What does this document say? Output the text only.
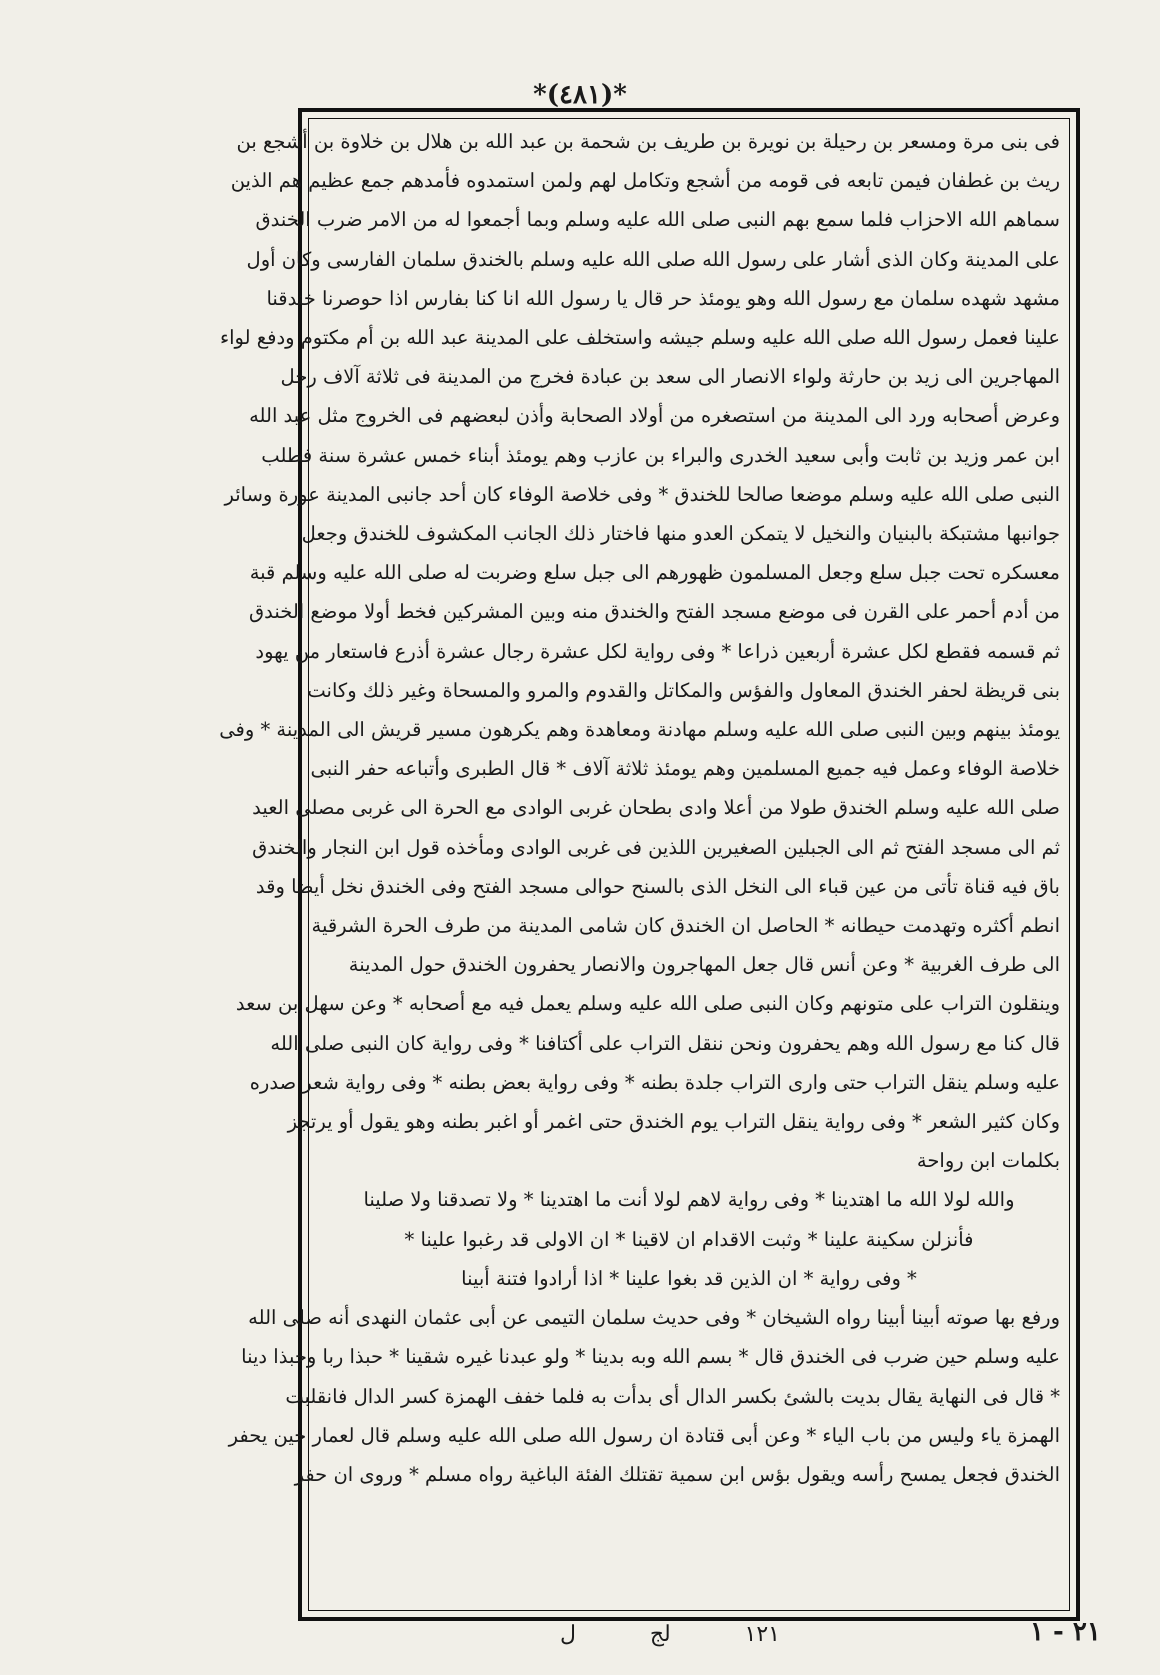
*(٤٨١)*
فى بنى مرة ومسعر بن رحيلة بن نويرة بن طريف بن شحمة بن عبد الله بن هلال بن خلاوة بن أشجع بن
ريث بن غطفان فيمن تابعه فى قومه من أشجع وتكامل لهم ولمن استمدوه فأمدهم جمع عظيم هم الذين
سماهم الله الاحزاب فلما سمع بهم النبى صلى الله عليه وسلم وبما أجمعوا له من الامر ضرب الخندق
على المدينة وكان الذى أشار على رسول الله صلى الله عليه وسلم بالخندق سلمان الفارسى وكان أول
مشهد شهده سلمان مع رسول الله وهو يومئذ حر قال يا رسول الله انا كنا بفارس اذا حوصرنا خندقنا
علينا فعمل رسول الله صلى الله عليه وسلم جيشه واستخلف على المدينة عبد الله بن أم مكتوم ودفع لواء
المهاجرين الى زيد بن حارثة ولواء الانصار الى سعد بن عبادة فخرج من المدينة فى ثلاثة آلاف رجل
وعرض أصحابه ورد الى المدينة من استصغره من أولاد الصحابة وأذن لبعضهم فى الخروج مثل عبد الله
ابن عمر وزيد بن ثابت وأبى سعيد الخدرى والبراء بن عازب وهم يومئذ أبناء خمس عشرة سنة فطلب
النبى صلى الله عليه وسلم موضعا صالحا للخندق * وفى خلاصة الوفاء كان أحد جانبى المدينة عورة وسائر
جوانبها مشتبكة بالبنيان والنخيل لا يتمكن العدو منها فاختار ذلك الجانب المكشوف للخندق وجعل
معسكره تحت جبل سلع وجعل المسلمون ظهورهم الى جبل سلع وضربت له صلى الله عليه وسلم قبة
من أدم أحمر على القرن فى موضع مسجد الفتح والخندق منه وبين المشركين فخط أولا موضع الخندق
ثم قسمه فقطع لكل عشرة أربعين ذراعا * وفى رواية لكل عشرة رجال عشرة أذرع فاستعار من يهود
بنى قريظة لحفر الخندق المعاول والفؤس والمكاتل والقدوم والمرو والمسحاة وغير ذلك وكانت
يومئذ بينهم وبين النبى صلى الله عليه وسلم مهادنة ومعاهدة وهم يكرهون مسير قريش الى المدينة * وفى
خلاصة الوفاء وعمل فيه جميع المسلمين وهم يومئذ ثلاثة آلاف * قال الطبرى وأتباعه حفر النبى
صلى الله عليه وسلم الخندق طولا من أعلا وادى بطحان غربى الوادى مع الحرة الى غربى مصلى العيد
ثم الى مسجد الفتح ثم الى الجبلين الصغيرين اللذين فى غربى الوادى ومأخذه قول ابن النجار والخندق
باق فيه قناة تأتى من عين قباء الى النخل الذى بالسنح حوالى مسجد الفتح وفى الخندق نخل أيضا وقد
انطم أكثره وتهدمت حيطانه * الحاصل ان الخندق كان شامى المدينة من طرف الحرة الشرقية
الى طرف الغربية * وعن أنس قال جعل المهاجرون والانصار يحفرون الخندق حول المدينة
وينقلون التراب على متونهم وكان النبى صلى الله عليه وسلم يعمل فيه مع أصحابه * وعن سهل بن سعد
قال كنا مع رسول الله وهم يحفرون ونحن ننقل التراب على أكتافنا * وفى رواية كان النبى صلى الله
عليه وسلم ينقل التراب حتى وارى التراب جلدة بطنه * وفى رواية بعض بطنه * وفى رواية شعر صدره
وكان كثير الشعر * وفى رواية ينقل التراب يوم الخندق حتى اغمر أو اغبر بطنه وهو يقول أو يرتجز
بكلمات ابن رواحة
والله لولا الله ما اهتدينا * وفى رواية لاهم لولا أنت ما اهتدينا * ولا تصدقنا ولا صلينا
فأنزلن سكينة علينا * وثبت الاقدام ان لاقينا * ان الاولى قد رغبوا علينا *
* وفى رواية * ان الذين قد بغوا علينا * اذا أرادوا فتنة أبينا
ورفع بها صوته أبينا أبينا رواه الشيخان * وفى حديث سلمان التيمى عن أبى عثمان النهدى أنه صلى الله
عليه وسلم حين ضرب فى الخندق قال * بسم الله وبه بدينا * ولو عبدنا غيره شقينا * حبذا ربا وحبذا دينا
* قال فى النهاية يقال بديت بالشئ بكسر الدال أى بدأت به فلما خفف الهمزة كسر الدال فانقلبت
الهمزة ياء وليس من باب الياء * وعن أبى قتادة ان رسول الله صلى الله عليه وسلم قال لعمار حين يحفر
الخندق فجعل يمسح رأسه ويقول بؤس ابن سمية تقتلك الفئة الباغية رواه مسلم * وروى ان حفر
١٢١
لج
ل	٢١ - ١
